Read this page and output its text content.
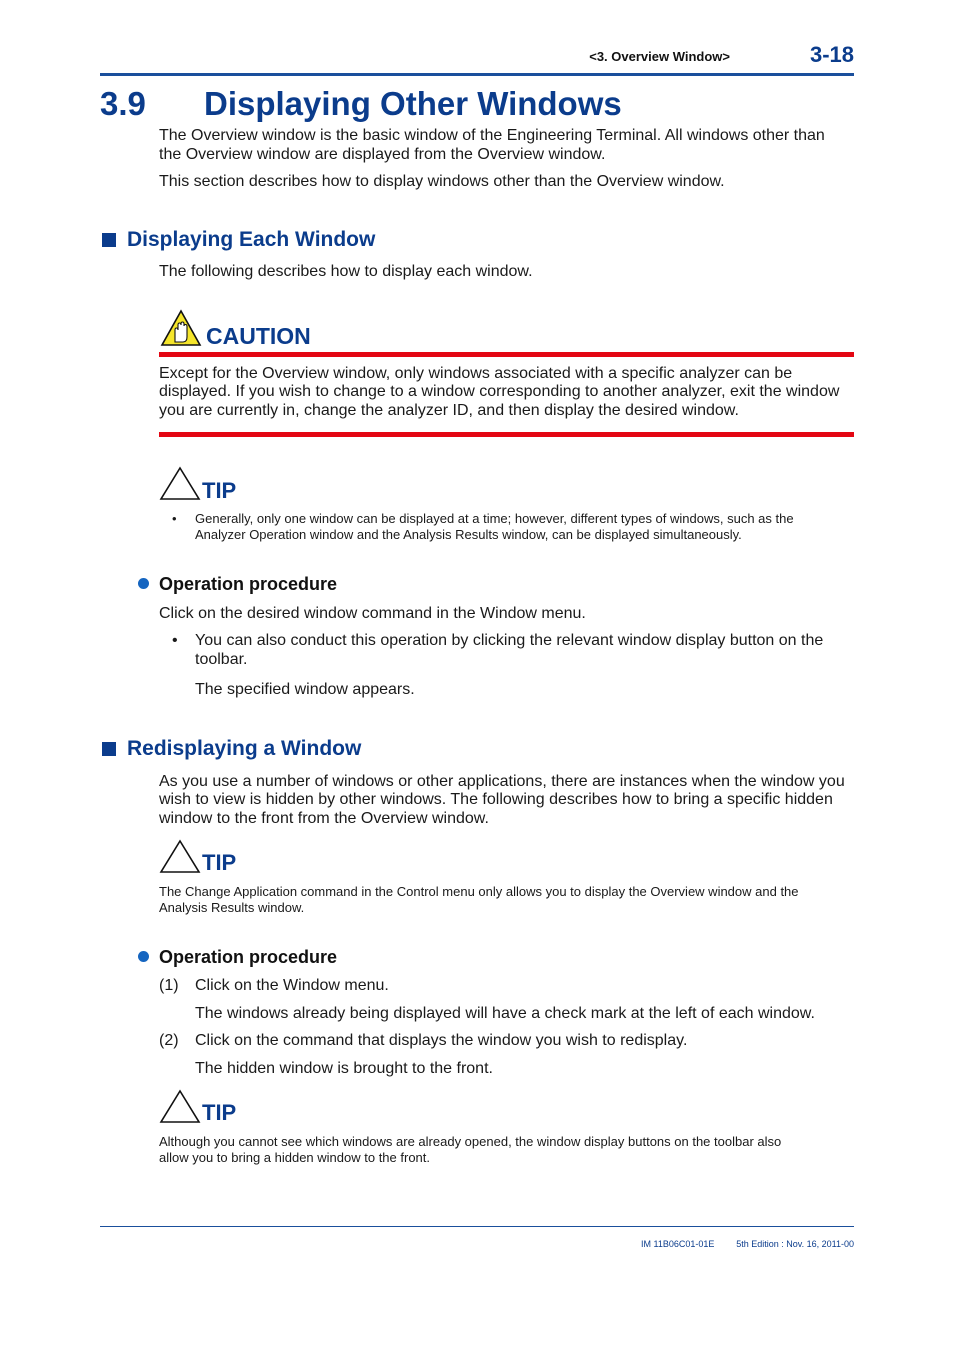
<3. Overview Window>	3-18
3.9 Displaying Other Windows
The Overview window is the basic window of the Engineering Terminal. All windows other than
the Overview window are displayed from the Overview window.
This section describes how to display windows other than the Overview window.
Displaying Each Window
The following describes how to display each window.
CAUTION
Except for the Overview window, only windows associated with a specific analyzer can be
displayed. If you wish to change to a window corresponding to another analyzer, exit the window
you are currently in, change the analyzer ID, and then display the desired window.
TIP
• Generally, only one window can be displayed at a time; however, different types of windows, such as the
Analyzer Operation window and the Analysis Results window, can be displayed simultaneously.
Operation procedure
Click on the desired window command in the Window menu.
• You can also conduct this operation by clicking the relevant window display button on the
toolbar.
The specified window appears.
Redisplaying a Window
As you use a number of windows or other applications, there are instances when the window you
wish to view is hidden by other windows. The following describes how to bring a specific hidden
window to the front from the Overview window.
TIP
The Change Application command in the Control menu only allows you to display the Overview window and the
Analysis Results window.
Operation procedure
(1) Click on the Window menu.
The windows already being displayed will have a check mark at the left of each window.
(2) Click on the command that displays the window you wish to redisplay.
The hidden window is brought to the front.
TIP
Although you cannot see which windows are already opened, the window display buttons on the toolbar also
allow you to bring a hidden window to the front.
IM 11B06C01-01E 5th Edition : Nov. 16, 2011-00
